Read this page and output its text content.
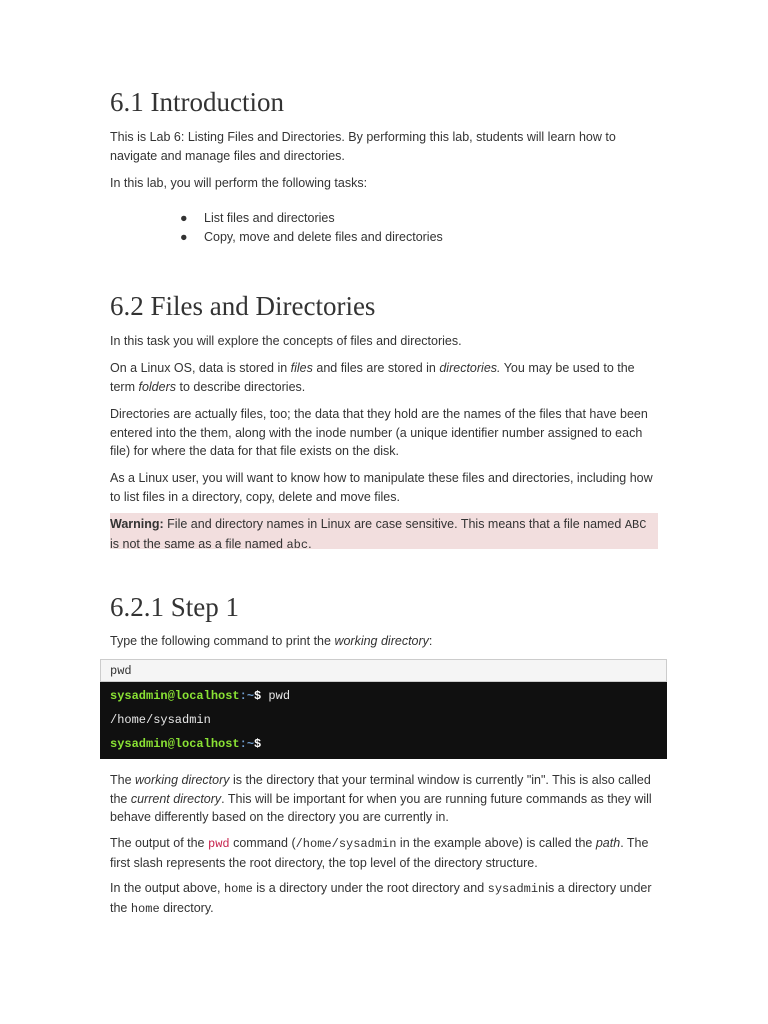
6.1 Introduction

This is Lab 6: Listing Files and Directories. By performing this lab, students will learn how to navigate and manage files and directories.

In this lab, you will perform the following tasks:

● List files and directories
● Copy, move and delete files and directories
6.2 Files and Directories

In this task you will explore the concepts of files and directories.

On a Linux OS, data is stored in files and files are stored in directories. You may be used to the term folders to describe directories.

Directories are actually files, too; the data that they hold are the names of the files that have been entered into the them, along with the inode number (a unique identifier number assigned to each file) for where the data for that file exists on the disk.

As a Linux user, you will want to know how to manipulate these files and directories, including how to list files in a directory, copy, delete and move files.

Warning: File and directory names in Linux are case sensitive. This means that a file named ABC is not the same as a file named abc.

6.2.1 Step 1

Type the following command to print the working directory:

The working directory is the directory that your terminal window is currently "in". This is also called the current directory. This will be important for when you are running future commands as they will behave differently based on the directory you are currently in.

The output of the pwd command (/home/sysadmin in the example above) is called the path. The first slash represents the root directory, the top level of the directory structure.

In the output above, home is a directory under the root directory and sysadminis a directory under the home directory.

pwd
sysadmin@localhost:~$ pwd
/home/sysadmin
sysadmin@localhost:~$
